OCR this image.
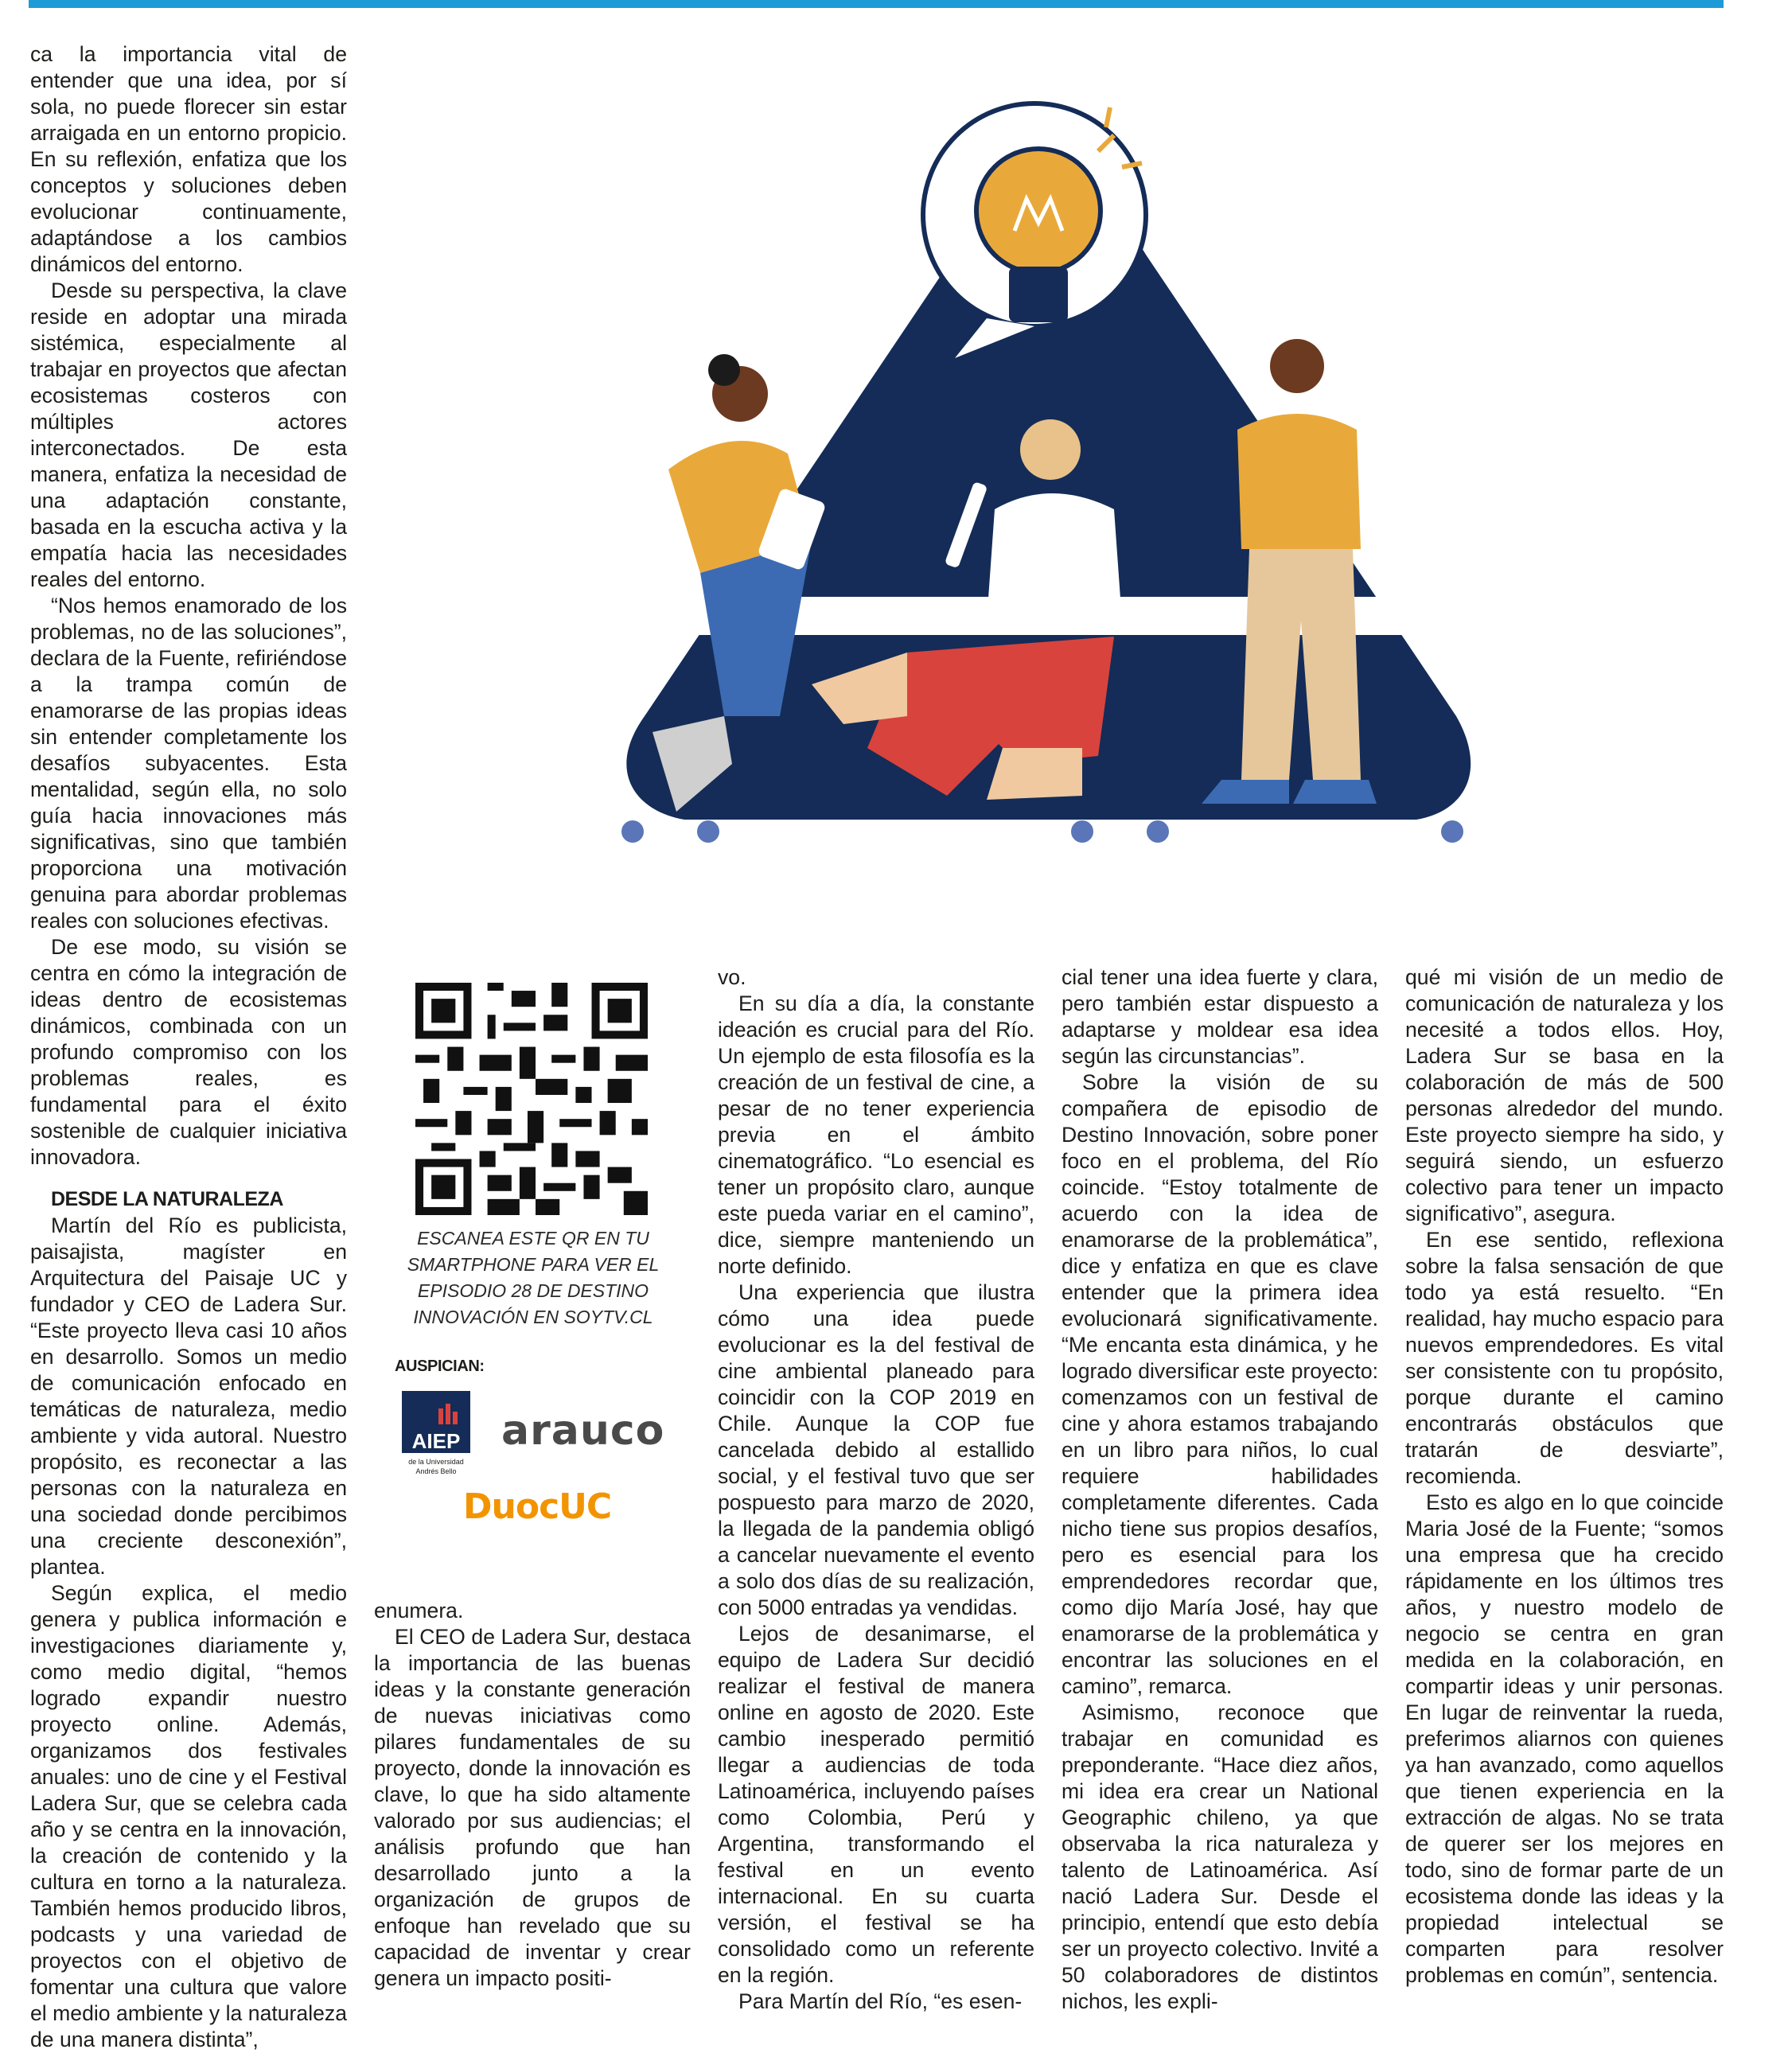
ca la importancia vital de entender que una idea, por sí sola, no puede florecer sin estar arraigada en un entorno propicio. En su reflexión, enfatiza que los conceptos y soluciones deben evolucionar continuamente, adaptándose a los cambios dinámicos del entorno.

Desde su perspectiva, la clave reside en adoptar una mirada sistémica, especialmente al trabajar en proyectos que afectan ecosistemas costeros con múltiples actores interconectados. De esta manera, enfatiza la necesidad de una adaptación constante, basada en la escucha activa y la empatía hacia las necesidades reales del entorno.

“Nos hemos enamorado de los problemas, no de las soluciones”, declara de la Fuente, refiriéndose a la trampa común de enamorarse de las propias ideas sin entender completamente los desafíos subyacentes. Esta mentalidad, según ella, no solo guía hacia innovaciones más significativas, sino que también proporciona una motivación genuina para abordar problemas reales con soluciones efectivas.

De ese modo, su visión se centra en cómo la integración de ideas dentro de ecosistemas dinámicos, combinada con un profundo compromiso con los problemas reales, es fundamental para el éxito sostenible de cualquier iniciativa innovadora.

DESDE LA NATURALEZA

Martín del Río es publicista, paisajista, magíster en Arquitectura del Paisaje UC y fundador y CEO de Ladera Sur. “Este proyecto lleva casi 10 años en desarrollo. Somos un medio de comunicación enfocado en temáticas de naturaleza, medio ambiente y vida autoral. Nuestro propósito, es reconectar a las personas con la naturaleza en una sociedad donde percibimos una creciente desconexión”, plantea.

Según explica, el medio genera y publica información e investigaciones diariamente y, como medio digital, “hemos logrado expandir nuestro proyecto online. Además, organizamos dos festivales anuales: uno de cine y el Festival Ladera Sur, que se celebra cada año y se centra en la innovación, la creación de contenido y la cultura en torno a la naturaleza. También hemos producido libros, podcasts y una variedad de proyectos con el objetivo de fomentar una cultura que valore el medio ambiente y la naturaleza de una manera distinta”,

ESCANEA ESTE QR EN TU SMARTPHONE PARA VER EL EPISODIO 28 DE DESTINO INNOVACIÓN EN SOYTV.CL
AUSPICIAN:
AIEP
de la Universidad
Andrés Bello
arauco
DuocUC

enumera.

El CEO de Ladera Sur, destaca la importancia de las buenas ideas y la constante generación de nuevas iniciativas como pilares fundamentales de su proyecto, donde la innovación es clave, lo que ha sido altamente valorado por sus audiencias; el análisis profundo que han desarrollado junto a la organización de grupos de enfoque han revelado que su capacidad de inventar y crear genera un impacto positi-

vo.

En su día a día, la constante ideación es crucial para del Río. Un ejemplo de esta filosofía es la creación de un festival de cine, a pesar de no tener experiencia previa en el ámbito cinematográfico. “Lo esencial es tener un propósito claro, aunque este pueda variar en el camino”, dice, siempre manteniendo un norte definido.

Una experiencia que ilustra cómo una idea puede evolucionar es la del festival de cine ambiental planeado para coincidir con la COP 2019 en Chile. Aunque la COP fue cancelada debido al estallido social, y el festival tuvo que ser pospuesto para marzo de 2020, la llegada de la pandemia obligó a cancelar nuevamente el evento a solo dos días de su realización, con 5000 entradas ya vendidas.

Lejos de desanimarse, el equipo de Ladera Sur decidió realizar el festival de manera online en agosto de 2020. Este cambio inesperado permitió llegar a audiencias de toda Latinoamérica, incluyendo países como Colombia, Perú y Argentina, transformando el festival en un evento internacional. En su cuarta versión, el festival se ha consolidado como un referente en la región.

Para Martín del Río, “es esen-

cial tener una idea fuerte y clara, pero también estar dispuesto a adaptarse y moldear esa idea según las circunstancias”.

Sobre la visión de su compañera de episodio de Destino Innovación, sobre poner foco en el problema, del Río coincide. “Estoy totalmente de acuerdo con la idea de enamorarse de la problemática”, dice y enfatiza en que es clave entender que la primera idea evolucionará significativamente. “Me encanta esta dinámica, y he logrado diversificar este proyecto: comenzamos con un festival de cine y ahora estamos trabajando en un libro para niños, lo cual requiere habilidades completamente diferentes. Cada nicho tiene sus propios desafíos, pero es esencial para los emprendedores recordar que, como dijo María José, hay que enamorarse de la problemática y encontrar las soluciones en el camino”, remarca.

Asimismo, reconoce que trabajar en comunidad es preponderante. “Hace diez años, mi idea era crear un National Geographic chileno, ya que observaba la rica naturaleza y talento de Latinoamérica. Así nació Ladera Sur. Desde el principio, entendí que esto debía ser un proyecto colectivo. Invité a 50 colaboradores de distintos nichos, les expli-

qué mi visión de un medio de comunicación de naturaleza y los necesité a todos ellos. Hoy, Ladera Sur se basa en la colaboración de más de 500 personas alrededor del mundo. Este proyecto siempre ha sido, y seguirá siendo, un esfuerzo colectivo para tener un impacto significativo”, asegura.

En ese sentido, reflexiona sobre la falsa sensación de que todo ya está resuelto. “En realidad, hay mucho espacio para nuevos emprendedores. Es vital ser consistente con tu propósito, porque durante el camino encontrarás obstáculos que tratarán de desviarte”, recomienda.

Esto es algo en lo que coincide Maria José de la Fuente; “somos una empresa que ha crecido rápidamente en los últimos tres años, y nuestro modelo de negocio se centra en gran medida en la colaboración, en compartir ideas y unir personas. En lugar de reinventar la rueda, preferimos aliarnos con quienes ya han avanzado, como aquellos que tienen experiencia en la extracción de algas. No se trata de querer ser los mejores en todo, sino de formar parte de un ecosistema donde las ideas y la propiedad intelectual se comparten para resolver problemas en común”, sentencia.
